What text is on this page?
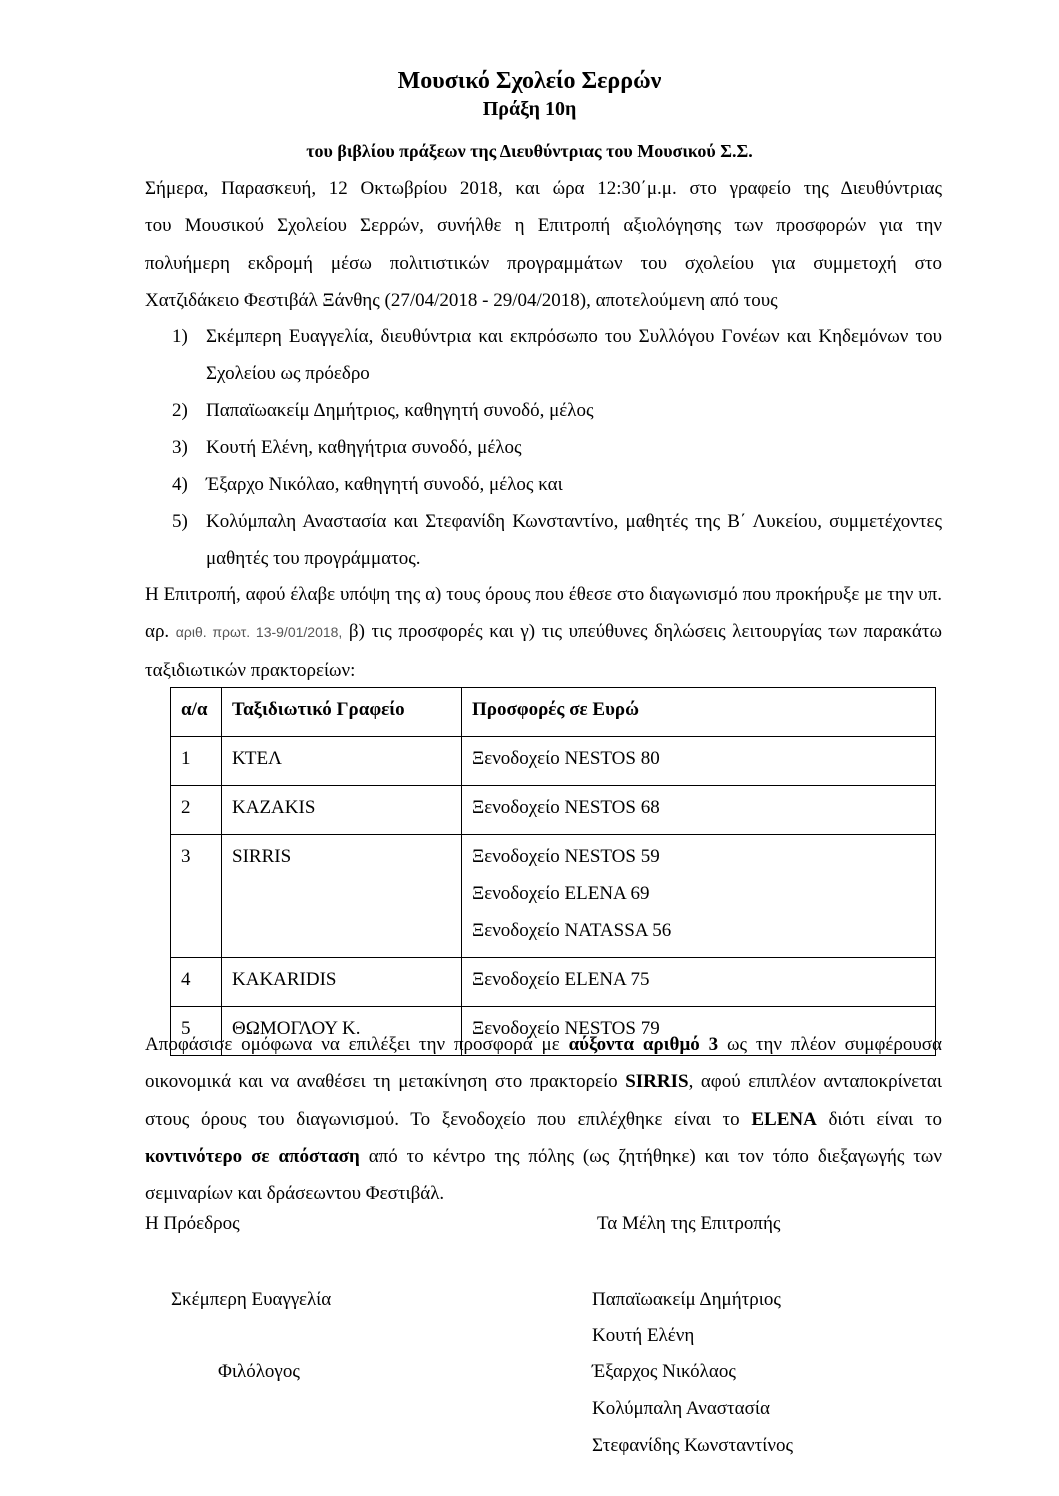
Μουσικό Σχολείο Σερρών
Πράξη 10η
του βιβλίου πράξεων της Διευθύντριας του Μουσικού Σ.Σ.
Σήμερα, Παρασκευή, 12 Οκτωβρίου 2018, και ώρα 12:30΄μ.μ. στο γραφείο της Διευθύντριας
του Μουσικού Σχολείου Σερρών, συνήλθε η Επιτροπή αξιολόγησης των προσφορών για την
πολυήμερη εκδρομή μέσω πολιτιστικών προγραμμάτων του σχολείου για συμμετοχή στο
Χατζιδάκειο Φεστιβάλ Ξάνθης (27/04/2018 - 29/04/2018), αποτελούμενη από τους
1) Σκέμπερη Ευαγγελία, διευθύντρια και εκπρόσωπο του Συλλόγου Γονέων και Κηδεμόνων του Σχολείου ως πρόεδρο
2) Παπαϊωακείμ Δημήτριος, καθηγητή συνοδό, μέλος
3) Κουτή Ελένη, καθηγήτρια συνοδό, μέλος
4) Έξαρχο Νικόλαο, καθηγητή συνοδό, μέλος και
5) Κολύμπαλη Αναστασία και Στεφανίδη Κωνσταντίνο, μαθητές της Β΄ Λυκείου, συμμετέχοντες μαθητές του προγράμματος.
Η Επιτροπή, αφού έλαβε υπόψη της α) τους όρους που έθεσε στο διαγωνισμό που προκήρυξε με την υπ. αρ. αριθ. πρωτ. 13-9/01/2018, β) τις προσφορές και γ) τις υπεύθυνες δηλώσεις λειτουργίας των παρακάτω ταξιδιωτικών πρακτορείων:
α/α	Ταξιδιωτικό Γραφείο	Προσφορές σε Ευρώ
1	ΚΤΕΛ	Ξενοδοχείο NESTOS 80

2	KAZAKIS	Ξενοδοχείο NESTOS 68

3	SIRRIS	Ξενοδοχείο NESTOS 59
Ξενοδοχείο ELENA 69
Ξενοδοχείο NATASSA 56

4	KAKARIDIS	Ξενοδοχείο ELENA 75

5	ΘΩΜΟΓΛΟΥ Κ.	Ξενοδοχείο NESTOS 79
Αποφάσισε ομόφωνα να επιλέξει την προσφορά με αύξοντα αριθμό 3 ως την πλέον συμφέρουσα οικονομικά και να αναθέσει τη μετακίνηση στο πρακτορείο SIRRIS, αφού επιπλέον ανταποκρίνεται στους όρους του διαγωνισμού. Το ξενοδοχείο που επιλέχθηκε είναι το ELENA διότι είναι το κοντινότερο σε απόσταση από το κέντρο της πόλης (ως ζητήθηκε) και τον τόπο διεξαγωγής των σεμιναρίων και δράσεωντου Φεστιβάλ.
Η Πρόεδρος	Τα Μέλη της Επιτροπής
Σκέμπερη Ευαγγελία
Φιλόλογος
Παπαϊωακείμ Δημήτριος
Κουτή Ελένη
Έξαρχος Νικόλαος
Κολύμπαλη Αναστασία
Στεφανίδης Κωνσταντίνος
